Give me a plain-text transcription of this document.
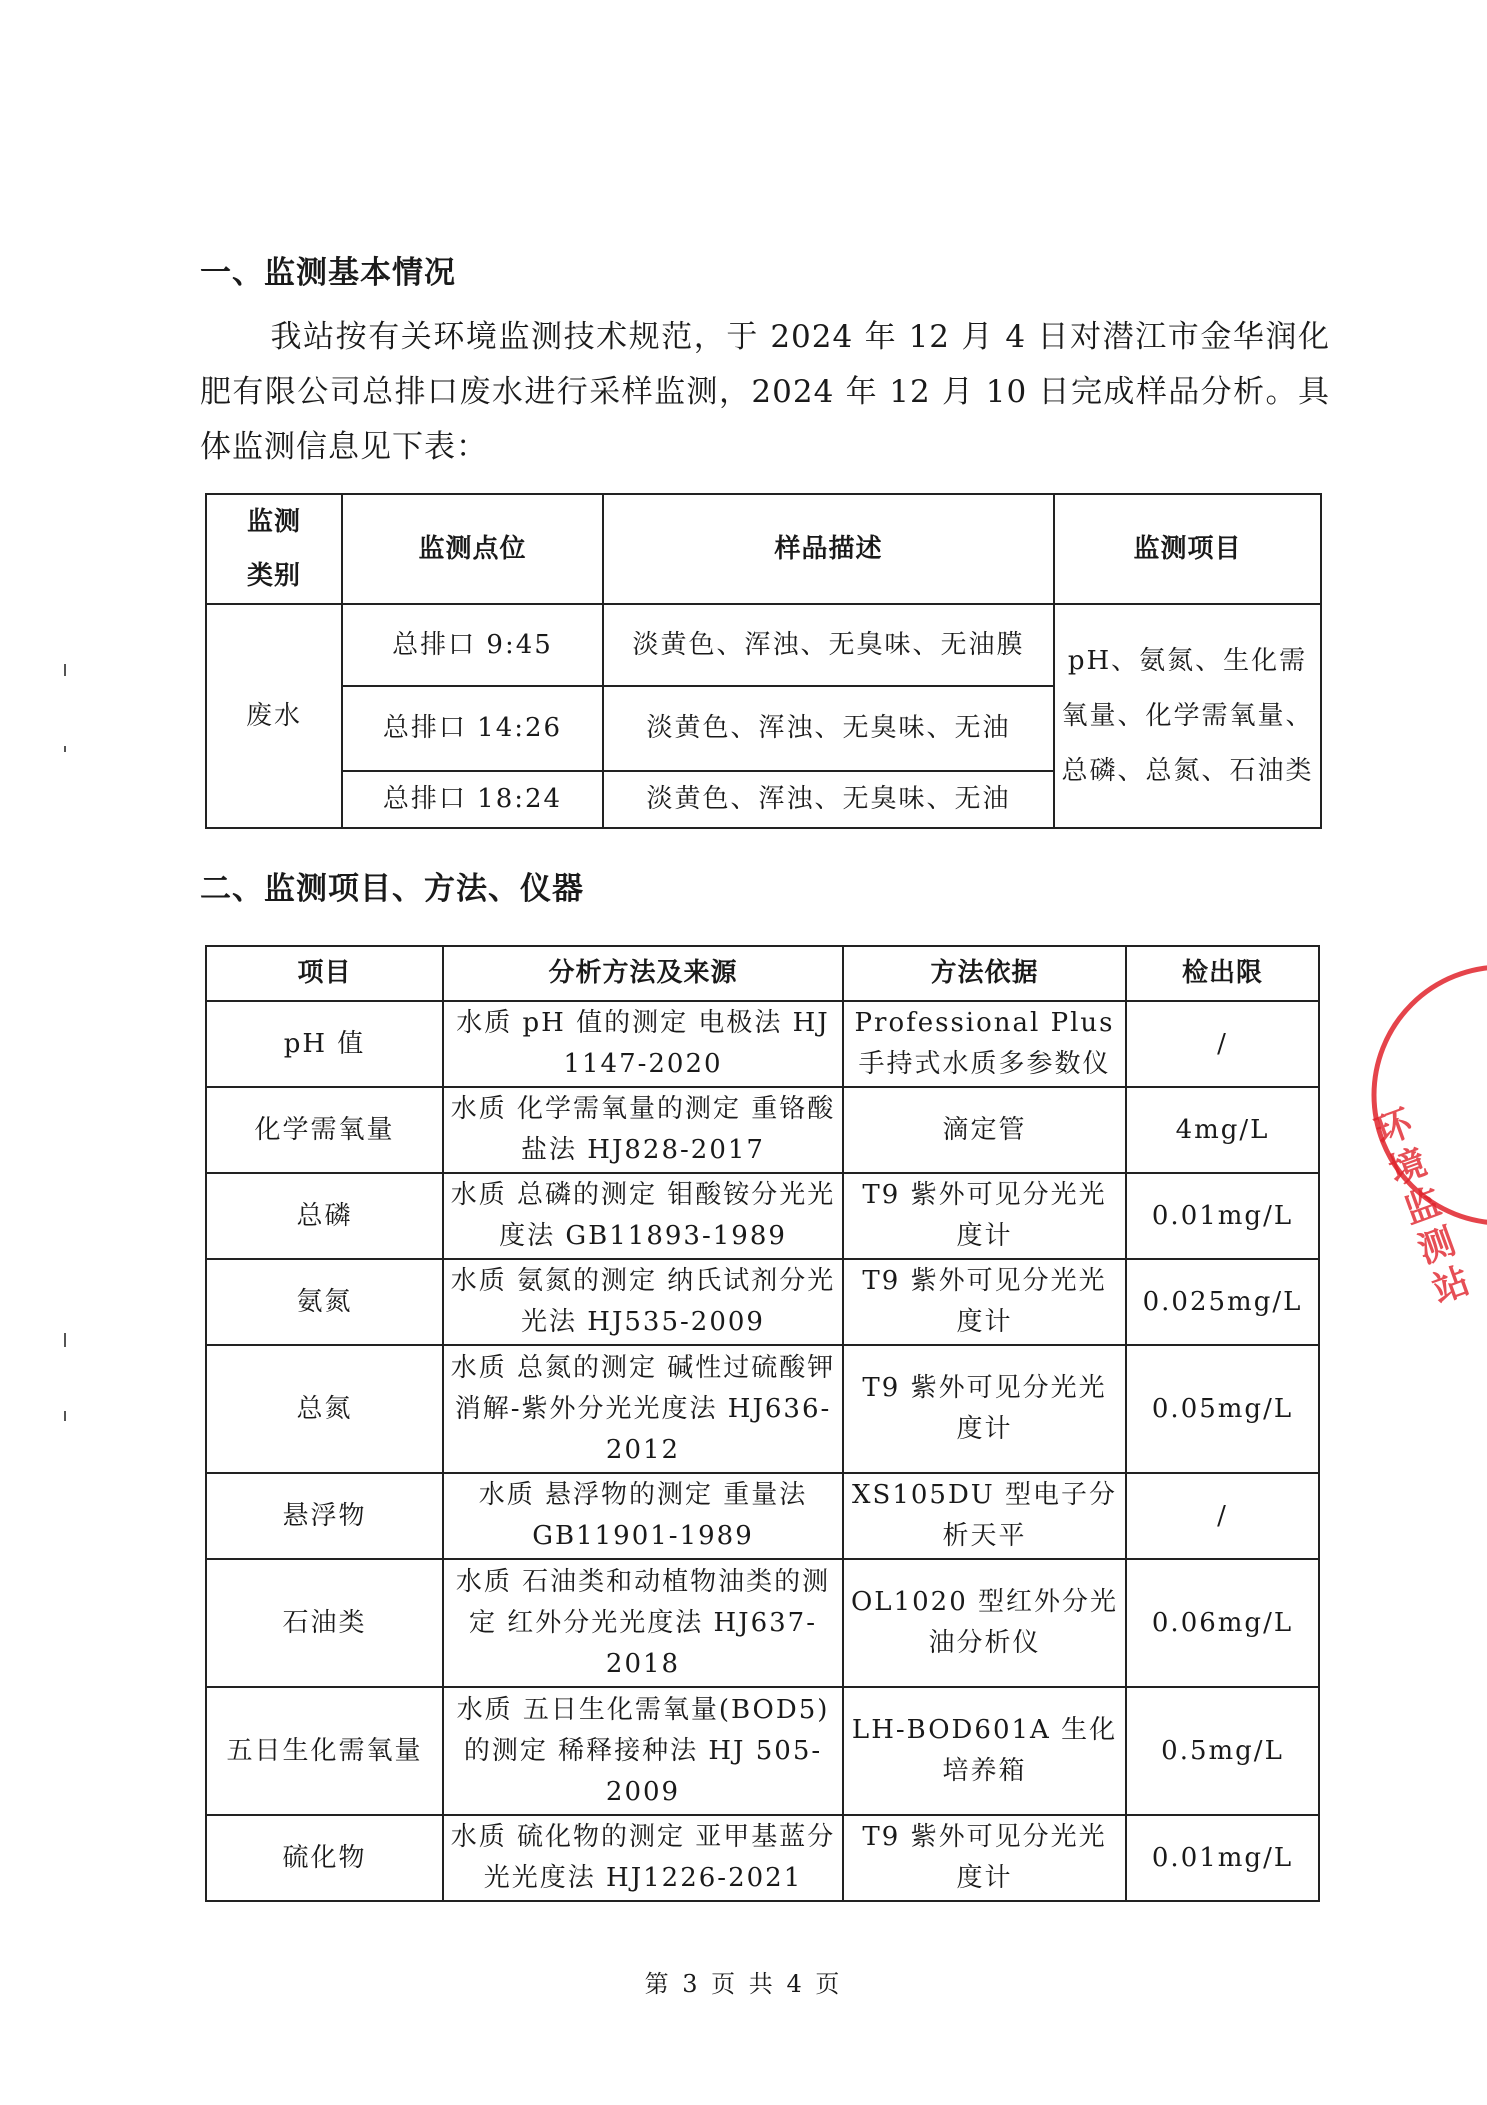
一、监测基本情况
我站按有关环境监测技术规范，于 2024 年 12 月 4 日对潜江市金华润化肥有限公司总排口废水进行采样监测，2024 年 12 月 10 日完成样品分析。具体监测信息见下表：
监测类别	监测点位	样品描述	监测项目
废水	总排口 9:45	淡黄色、浑浊、无臭味、无油膜	pH、氨氮、生化需氧量、化学需氧量、总磷、总氮、石油类
	总排口 14:26	淡黄色、浑浊、无臭味、无油	
	总排口 18:24	淡黄色、浑浊、无臭味、无油	
二、监测项目、方法、仪器
项目	分析方法及来源	方法依据	检出限
pH 值	水质 pH 值的测定 电极法 HJ 1147-2020	Professional Plus 手持式水质多参数仪	/
化学需氧量	水质 化学需氧量的测定 重铬酸盐法 HJ828-2017	滴定管	4mg/L
总磷	水质 总磷的测定 钼酸铵分光光度法 GB11893-1989	T9 紫外可见分光光度计	0.01mg/L
氨氮	水质 氨氮的测定 纳氏试剂分光光法 HJ535-2009	T9 紫外可见分光光度计	0.025mg/L
总氮	水质 总氮的测定 碱性过硫酸钾消解-紫外分光光度法 HJ636-2012	T9 紫外可见分光光度计	0.05mg/L
悬浮物	水质 悬浮物的测定 重量法 GB11901-1989	XS105DU 型电子分析天平	/
石油类	水质 石油类和动植物油类的测定 红外分光光度法 HJ637-2018	OL1020 型红外分光油分析仪	0.06mg/L
五日生化需氧量	水质 五日生化需氧量(BOD5)的测定 稀释接种法 HJ 505-2009	LH-BOD601A 生化培养箱	0.5mg/L
硫化物	水质 硫化物的测定 亚甲基蓝分光光度法 HJ1226-2021	T9 紫外可见分光光度计	0.01mg/L
环境监测站
第 3 页 共 4 页
